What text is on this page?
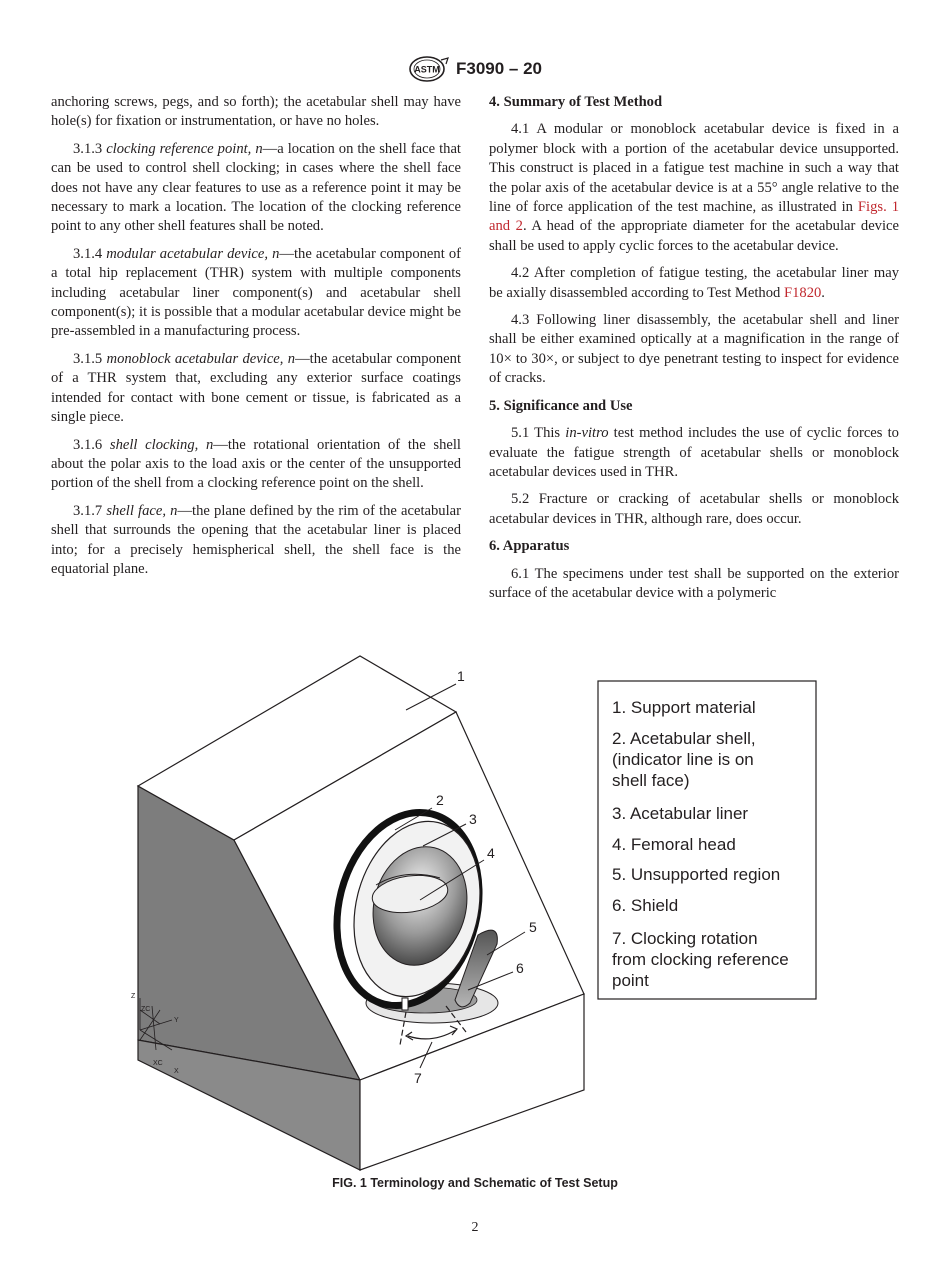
ASTM F3090 – 20

anchoring screws, pegs, and so forth); the acetabular shell may have hole(s) for fixation or instrumentation, or have no holes.

3.1.3 clocking reference point, n—a location on the shell face that can be used to control shell clocking; in cases where the shell face does not have any clear features to use as a reference point it may be necessary to mark a location. The location of the clocking reference point to any other shell features shall be noted.

3.1.4 modular acetabular device, n—the acetabular component of a total hip replacement (THR) system with multiple components including acetabular liner component(s) and acetabular shell component(s); it is possible that a modular acetabular device might be pre-assembled in a manufacturing process.

3.1.5 monoblock acetabular device, n—the acetabular component of a THR system that, excluding any exterior surface coatings intended for contact with bone cement or tissue, is fabricated as a single piece.

3.1.6 shell clocking, n—the rotational orientation of the shell about the polar axis to the load axis or the center of the unsupported portion of the shell from a clocking reference point on the shell.

3.1.7 shell face, n—the plane defined by the rim of the acetabular shell that surrounds the opening that the acetabular liner is placed into; for a precisely hemispherical shell, the shell face is the equatorial plane.

4. Summary of Test Method

4.1 A modular or monoblock acetabular device is fixed in a polymer block with a portion of the acetabular device unsupported. This construct is placed in a fatigue test machine in such a way that the polar axis of the acetabular device is at a 55° angle relative to the line of force application of the test machine, as illustrated in Figs. 1 and 2. A head of the appropriate diameter for the acetabular device shall be used to apply cyclic forces to the acetabular device.

4.2 After completion of fatigue testing, the acetabular liner may be axially disassembled according to Test Method F1820.

4.3 Following liner disassembly, the acetabular shell and liner shall be either examined optically at a magnification in the range of 10× to 30×, or subject to dye penetrant testing to inspect for evidence of cracks.

5. Significance and Use

5.1 This in-vitro test method includes the use of cyclic forces to evaluate the fatigue strength of acetabular shells or monoblock acetabular devices used in THR.

5.2 Fracture or cracking of acetabular shells or monoblock acetabular devices in THR, although rare, does occur.

6. Apparatus

6.1 The specimens under test shall be supported on the exterior surface of the acetabular device with a polymeric

1
2
3
4
5
6
7
Z
ZC
Y
XC
X
1. Support material
2. Acetabular shell,
(indicator line is on
shell face)
3. Acetabular liner
4. Femoral head
5. Unsupported region
6. Shield
7. Clocking rotation
from clocking reference
point
FIG. 1 Terminology and Schematic of Test Setup
2
